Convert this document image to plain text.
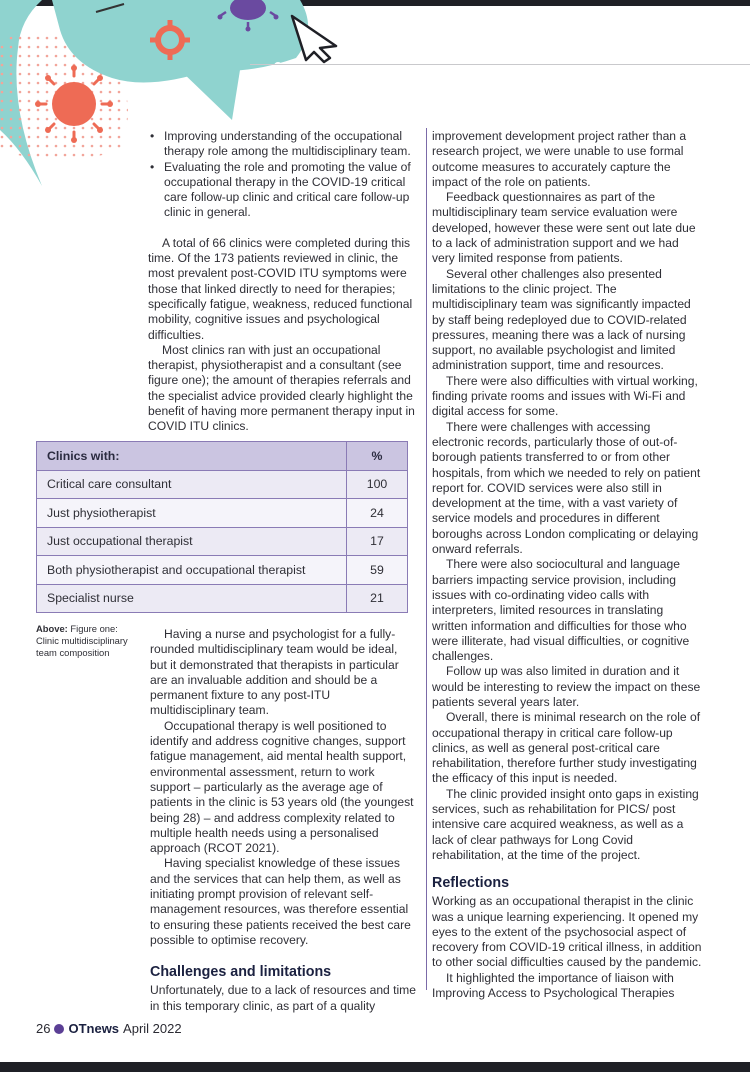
• Improving understanding of the occupational therapy role among the multidisciplinary team.
• Evaluating the role and promoting the value of occupational therapy in the COVID-19 critical care follow-up clinic and critical care follow-up clinic in general.

A total of 66 clinics were completed during this time. Of the 173 patients reviewed in clinic, the most prevalent post-COVID ITU symptoms were those that linked directly to need for therapies; specifically fatigue, weakness, reduced functional mobility, cognitive issues and psychological difficulties.

Most clinics ran with just an occupational therapist, physiotherapist and a consultant (see figure one); the amount of therapies referrals and the specialist advice provided clearly highlight the benefit of having more permanent therapy input in COVID ITU clinics.

Clinics with:	%
Critical care consultant	100
Just physiotherapist	24
Just occupational therapist	17
Both physiotherapist and occupational therapist	59
Specialist nurse	21
Above: Figure one: Clinic multidisciplinary team composition

Having a nurse and psychologist for a fully-rounded multidisciplinary team would be ideal, but it demonstrated that therapists in particular are an invaluable addition and should be a permanent fixture to any post-ITU multidisciplinary team.

Occupational therapy is well positioned to identify and address cognitive changes, support fatigue management, aid mental health support, environmental assessment, return to work support – particularly as the average age of patients in the clinic is 53 years old (the youngest being 28) – and address complexity related to multiple health needs using a personalised approach (RCOT 2021).

Having specialist knowledge of these issues and the services that can help them, as well as initiating prompt provision of relevant self-management resources, was therefore essential to ensuring these patients received the best care possible to optimise recovery.

Challenges and limitations

Unfortunately, due to a lack of resources and time in this temporary clinic, as part of a quality

improvement development project rather than a research project, we were unable to use formal outcome measures to accurately capture the impact of the role on patients.

Feedback questionnaires as part of the multidisciplinary team service evaluation were developed, however these were sent out late due to a lack of administration support and we had very limited response from patients.

Several other challenges also presented limitations to the clinic project. The multidisciplinary team was significantly impacted by staff being redeployed due to COVID-related pressures, meaning there was a lack of nursing support, no available psychologist and limited administration support, time and resources.

There were also difficulties with virtual working, finding private rooms and issues with Wi-Fi and digital access for some.

There were challenges with accessing electronic records, particularly those of out-of-borough patients transferred to or from other hospitals, from which we needed to rely on patient report for. COVID services were also still in development at the time, with a vast variety of service models and procedures in different boroughs across London complicating or delaying onward referrals.

There were also sociocultural and language barriers impacting service provision, including issues with co-ordinating video calls with interpreters, limited resources in translating written information and difficulties for those who were illiterate, had visual difficulties, or cognitive challenges.

Follow up was also limited in duration and it would be interesting to review the impact on these patients several years later.

Overall, there is minimal research on the role of occupational therapy in critical care follow-up clinics, as well as general post-critical care rehabilitation, therefore further study investigating the efficacy of this input is needed.

The clinic provided insight onto gaps in existing services, such as rehabilitation for PICS/ post intensive care acquired weakness, as well as a lack of clear pathways for Long Covid rehabilitation, at the time of the project.

Reflections

Working as an occupational therapist in the clinic was a unique learning experiencing. It opened my eyes to the extent of the psychosocial aspect of recovery from COVID-19 critical illness, in addition to other social difficulties caused by the pandemic.

It highlighted the importance of liaison with Improving Access to Psychological Therapies

26 OTnews April 2022
